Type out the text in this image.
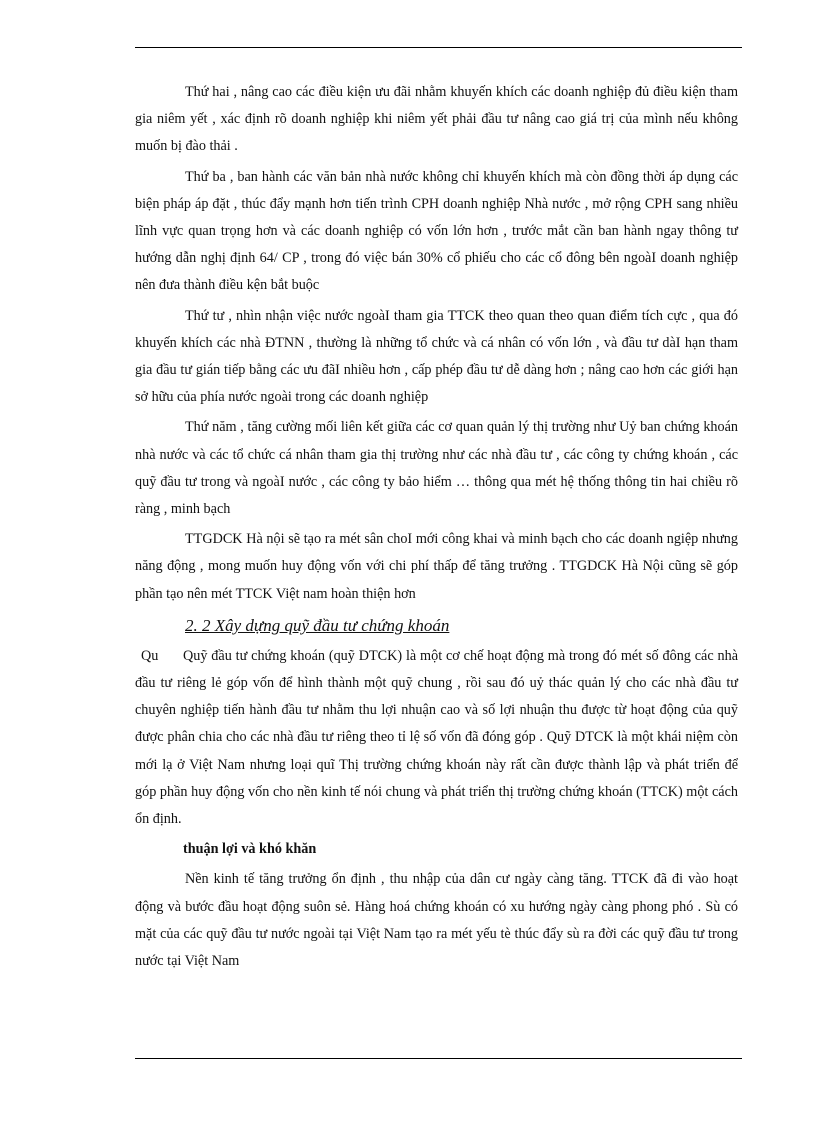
Thứ hai , nâng cao các điều kiện ưu đãi nhằm khuyến khích các doanh nghiệp đủ điều kiện tham gia niêm yết , xác định rõ doanh nghiệp khi niêm yết phải đầu tư nâng cao giá trị của mình nếu không muốn bị đào thải .

Thứ ba , ban hành các văn bản nhà nước không chỉ khuyến khích mà còn đồng thời áp dụng các biện pháp áp đặt , thúc đẩy mạnh hơn tiến trình CPH doanh nghiệp Nhà nước , mở rộng CPH sang nhiều lĩnh vực quan trọng hơn và các doanh nghiệp có vốn lớn hơn , trước mắt cần ban hành ngay thông tư hướng dẫn nghị định 64/ CP , trong đó việc bán 30% cổ phiếu cho các cổ đông bên ngoàI doanh nghiệp nên đưa thành điều kện bắt buộc

Thứ tư , nhìn nhận việc nước ngoàI tham gia TTCK theo quan theo quan điểm tích cực , qua đó khuyến khích các nhà ĐTNN , thường là những tổ chức và cá nhân có vốn lớn , và đầu tư dàI hạn tham gia đầu tư gián tiếp bằng các ưu đãI nhiều hơn , cấp phép đầu tư dễ dàng hơn ; nâng cao hơn các giới hạn sở hữu của phía nước ngoài trong các doanh nghiệp

Thứ năm , tăng cường mối liên kết giữa các cơ quan quản lý thị trường như Uỷ ban chứng khoán nhà nước và các tổ chức cá nhân tham gia thị trường như các nhà đầu tư , các công ty chứng khoán , các quỹ đầu tư trong và ngoàI nước , các công ty bảo hiểm … thông qua mét hệ thống thông tin hai chiều rõ ràng , minh bạch

TTGDCK Hà nội sẽ tạo ra mét sân choI mới công khai và minh bạch cho các doanh ngiệp nhưng năng động , mong muốn huy động vốn với chi phí thấp để tăng trưởng . TTGDCK Hà Nội cũng sẽ góp phần tạo nên mét TTCK Việt nam hoàn thiện hơn

2. 2 Xây dựng quỹ đầu tư chứng khoán

Qu Quỹ đầu tư chứng khoán (quỹ DTCK) là một cơ chế hoạt động mà trong đó mét số đông các nhà đầu tư riêng lẻ góp vốn để hình thành một quỹ chung , rồi sau đó uỷ thác quản lý cho các nhà đầu tư chuyên nghiệp tiến hành đầu tư nhằm thu lợi nhuận cao và số lợi nhuận thu được từ hoạt động của quỹ được phân chia cho các nhà đầu tư riêng theo tỉ lệ số vốn đã đóng góp . Quỹ DTCK là một khái niệm còn mới lạ ở Việt Nam nhưng loại quĩ Thị trường chứng khoán này rất cần được thành lập và phát triển để góp phần huy động vốn cho nền kinh tế nói chung và phát triển thị trường chứng khoán (TTCK) một cách ổn định.

thuận lợi và khó khăn

Nền kinh tế tăng trưởng ổn định , thu nhập của dân cư ngày càng tăng. TTCK đã đi vào hoạt động và bước đầu hoạt động suôn sẻ. Hàng hoá chứng khoán có xu hướng ngày càng phong phó . Sù có mặt của các quỹ đầu tư nước ngoài tại Việt Nam tạo ra mét yếu tè thúc đẩy sù ra đời các quỹ đầu tư trong nước tại Việt Nam
